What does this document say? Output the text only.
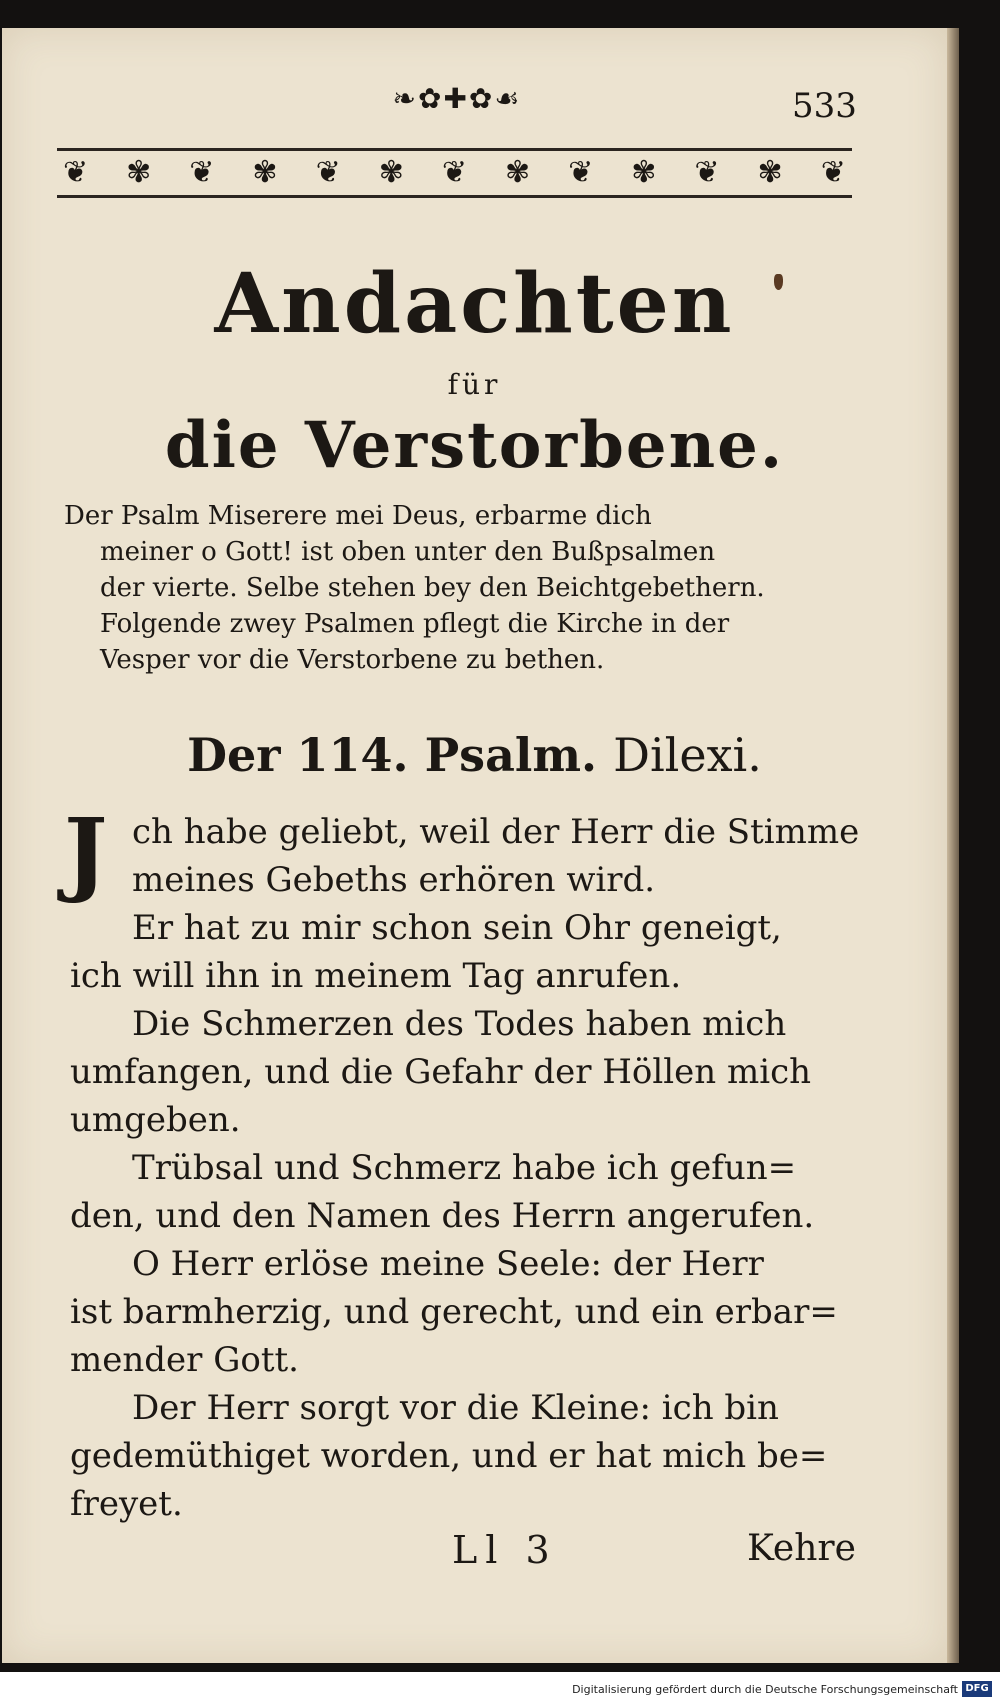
❧✿✚✿☙	533
❦ ✾ ❦ ✾ ❦ ✾ ❦ ✾ ❦ ✾ ❦ ✾ ❦
Andachten
für
die Verstorbene.
Der Psalm Miserere mei Deus, erbarme dich
meiner o Gott! ist oben unter den Bußpsalmen
der vierte. Selbe stehen bey den Beichtgebethern.
Folgende zwey Psalmen pflegt die Kirche in der
Vesper vor die Verstorbene zu bethen.
Der 114. Psalm. Dilexi.
J ch habe geliebt, weil der Herr die Stimme
meines Gebeths erhören wird.
Er hat zu mir schon sein Ohr geneigt,
ich will ihn in meinem Tag anrufen.
Die Schmerzen des Todes haben mich
umfangen, und die Gefahr der Höllen mich
umgeben.
Trübsal und Schmerz habe ich gefun=
den, und den Namen des Herrn angerufen.
O Herr erlöse meine Seele: der Herr
ist barmherzig, und gerecht, und ein erbar=
mender Gott.
Der Herr sorgt vor die Kleine: ich bin
gedemüthiget worden, und er hat mich be=
freyet.
Ll 3	Kehre
Digitalisierung gefördert durch die Deutsche Forschungsgemeinschaft DFG
